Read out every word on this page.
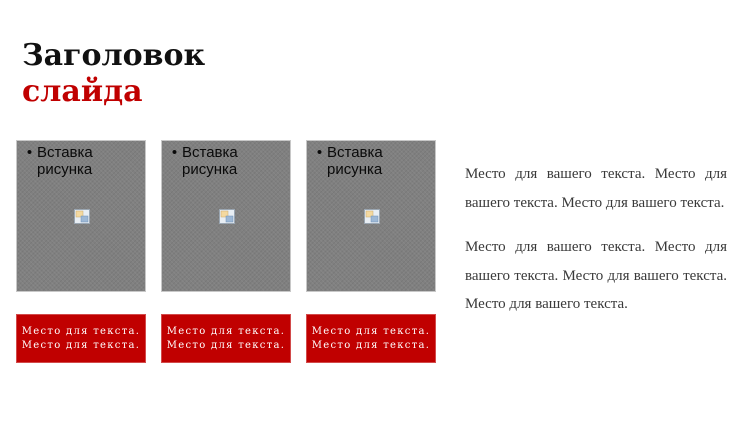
Заголовок
слайда
• Вставка рисунка
Место для текста.
Место для текста.
• Вставка рисунка
Место для текста.
Место для текста.
• Вставка рисунка
Место для текста.
Место для текста.

Место для вашего текста. Место для вашего текста. Место для вашего текста.

Место для вашего текста. Место для вашего текста. Место для вашего текста. Место для вашего текста.
